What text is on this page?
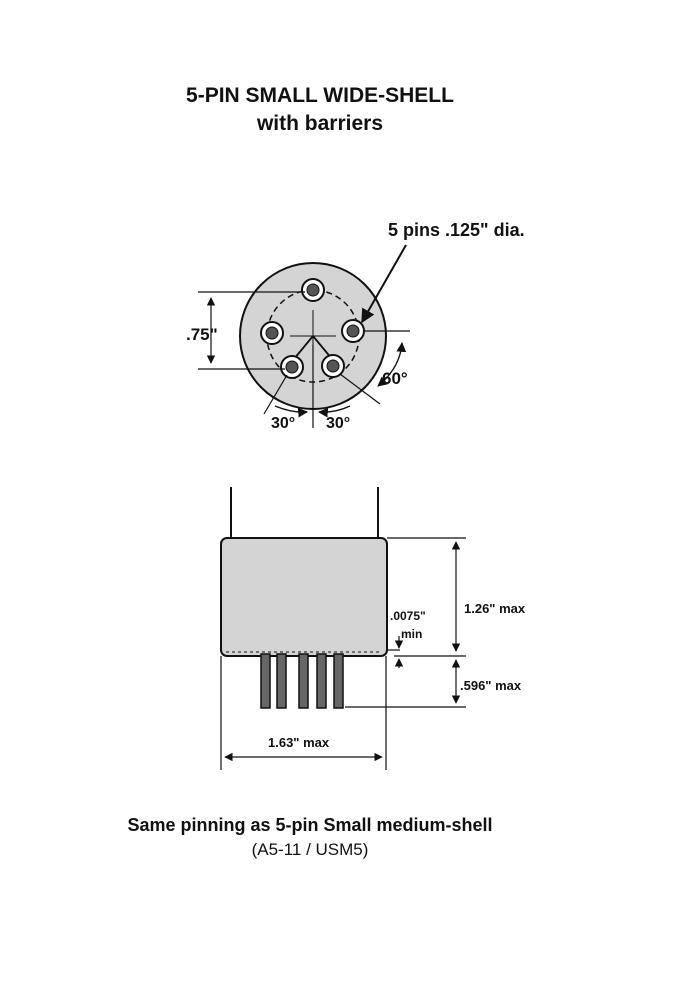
5-PIN SMALL WIDE-SHELL
with barriers
.75"
5 pins .125" dia.
60°
30° 30°
1.26" max
.0075"
min
.596" max
1.63" max
Same pinning as 5-pin Small medium-shell
(A5-11 / USM5)
